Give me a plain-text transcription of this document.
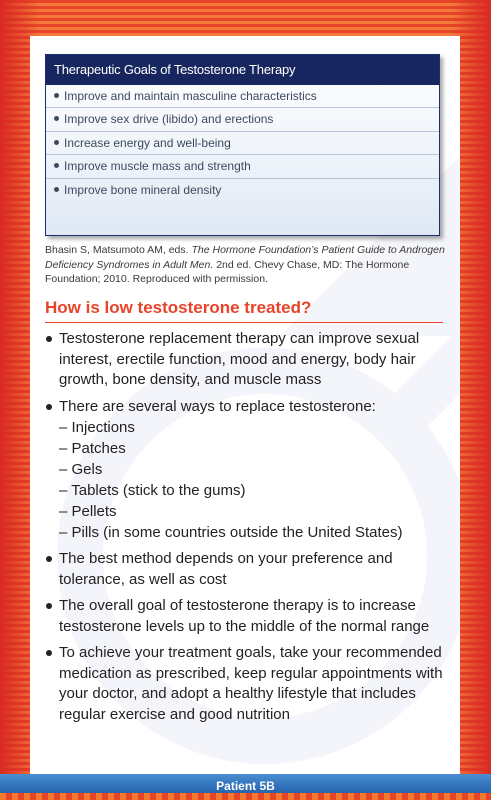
Therapeutic Goals of Testosterone Therapy
Improve and maintain masculine characteristics
Improve sex drive (libido) and erections
Increase energy and well-being
Improve muscle mass and strength
Improve bone mineral density
Bhasin S, Matsumoto AM, eds. The Hormone Foundation’s Patient Guide to Androgen Deficiency Syndromes in Adult Men. 2nd ed. Chevy Chase, MD: The Hormone Foundation; 2010. Reproduced with permission.
How is low testosterone treated?
Testosterone replacement therapy can improve sexual interest, erectile function, mood and energy, body hair growth, bone density, and muscle mass
There are several ways to replace testosterone:
– Injections
– Patches
– Gels
– Tablets (stick to the gums)
– Pellets
– Pills (in some countries outside the United States)
The best method depends on your preference and tolerance, as well as cost
The overall goal of testosterone therapy is to increase testosterone levels up to the middle of the normal range
To achieve your treatment goals, take your recommended medication as prescribed, keep regular appointments with your doctor, and adopt a healthy lifestyle that includes regular exercise and good nutrition
Patient 5B
